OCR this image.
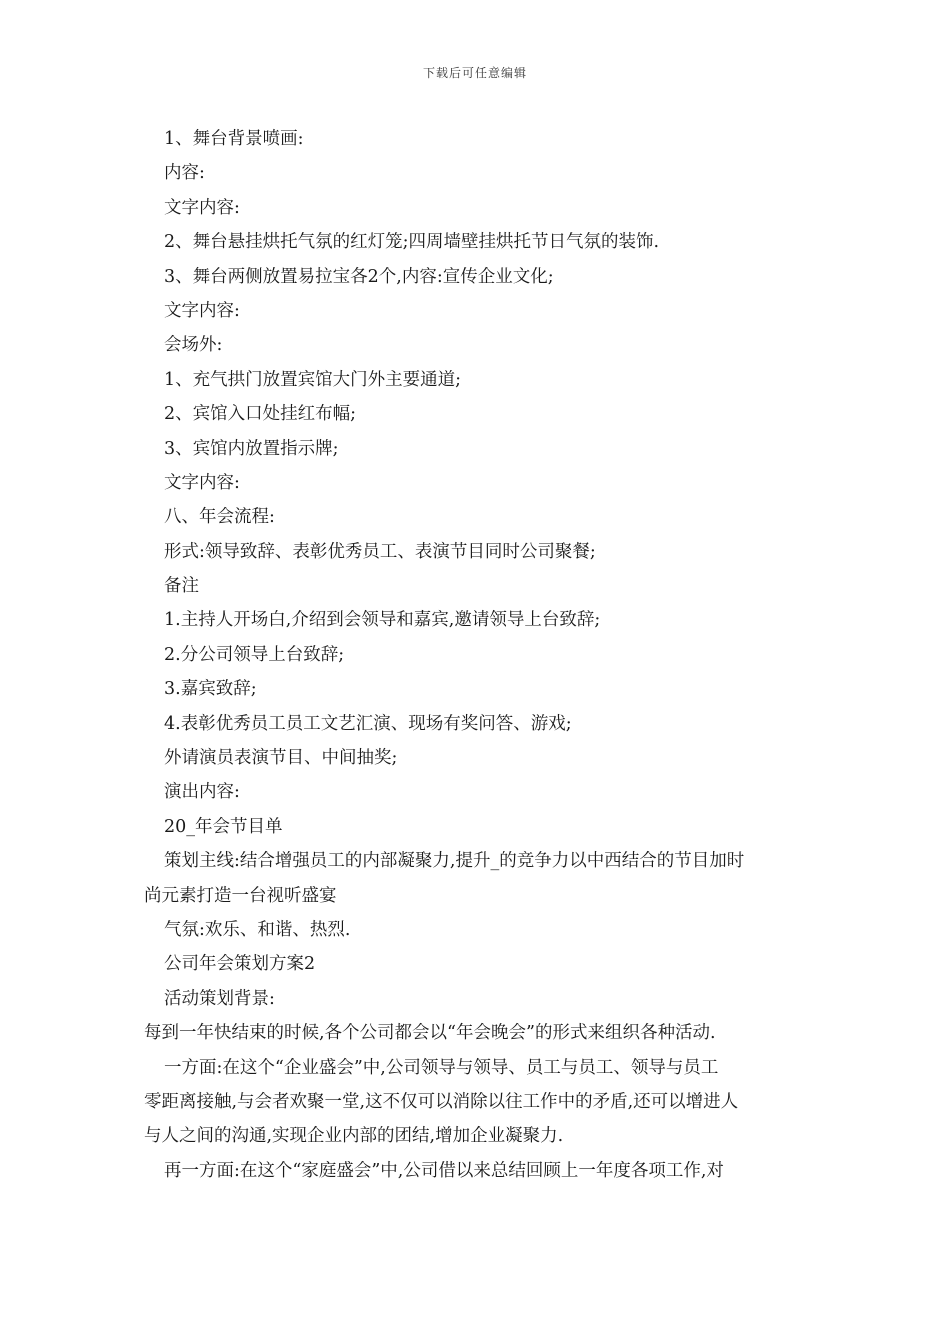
下载后可任意编辑
1、舞台背景喷画:
内容:
文字内容:
2、舞台悬挂烘托气氛的红灯笼;四周墙壁挂烘托节日气氛的装饰.
3、舞台两侧放置易拉宝各2个,内容:宣传企业文化;
文字内容:
会场外:
1、充气拱门放置宾馆大门外主要通道;
2、宾馆入口处挂红布幅;
3、宾馆内放置指示牌;
文字内容:
八、年会流程:
形式:领导致辞、表彰优秀员工、表演节目同时公司聚餐;
备注
1.主持人开场白,介绍到会领导和嘉宾,邀请领导上台致辞;
2.分公司领导上台致辞;
3.嘉宾致辞;
4.表彰优秀员工员工文艺汇演、现场有奖问答、游戏;
外请演员表演节目、中间抽奖;
演出内容:
20_年会节目单
策划主线:结合增强员工的内部凝聚力,提升_的竞争力以中西结合的节目加时
尚元素打造一台视听盛宴
气氛:欢乐、和谐、热烈.
公司年会策划方案2
活动策划背景:
每到一年快结束的时候,各个公司都会以“年会晚会”的形式来组织各种活动.
一方面:在这个“企业盛会”中,公司领导与领导、员工与员工、领导与员工
零距离接触,与会者欢聚一堂,这不仅可以消除以往工作中的矛盾,还可以增进人
与人之间的沟通,实现企业内部的团结,增加企业凝聚力.
再一方面:在这个“家庭盛会”中,公司借以来总结回顾上一年度各项工作,对
